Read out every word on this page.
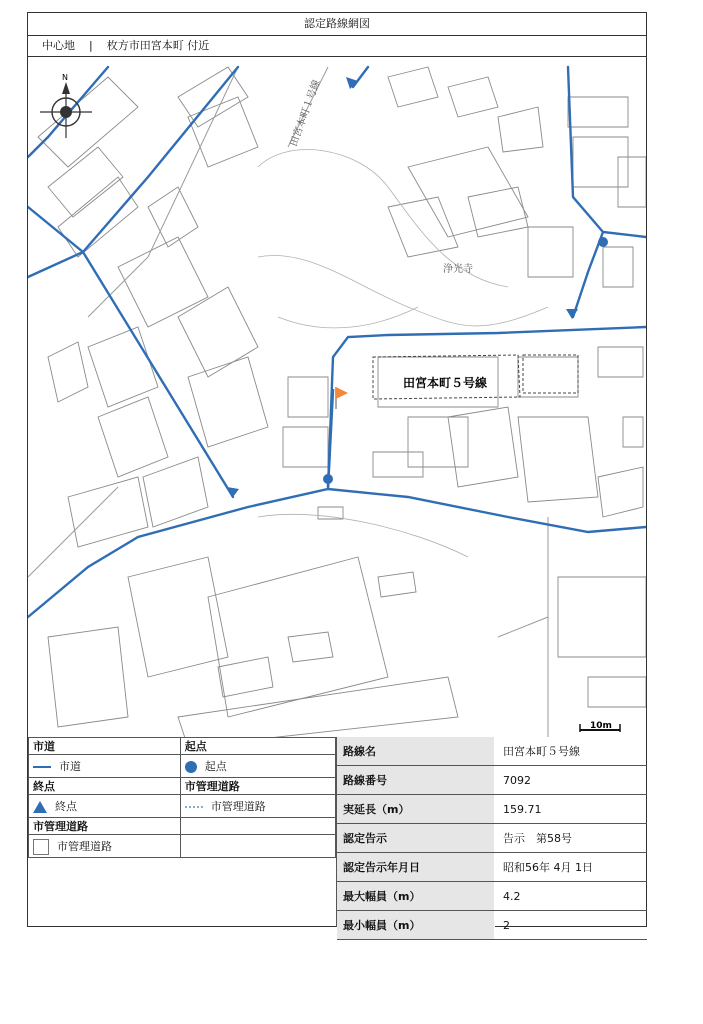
認定路線網図
中心地 | 枚方市田宮本町 付近
田宮本町５号線
浄光寺
田宮本町１号線
N
10m
市道	起点
市道	起点
終点	市管理道路
終点	市管理道路
市管理道路	
市管理道路	
路線名	田宮本町５号線
路線番号	7092
実延長（m）	159.71
認定告示	告示　第58号
認定告示年月日	昭和56年 4月 1日
最大幅員（m）	4.2
最小幅員（m）	2
